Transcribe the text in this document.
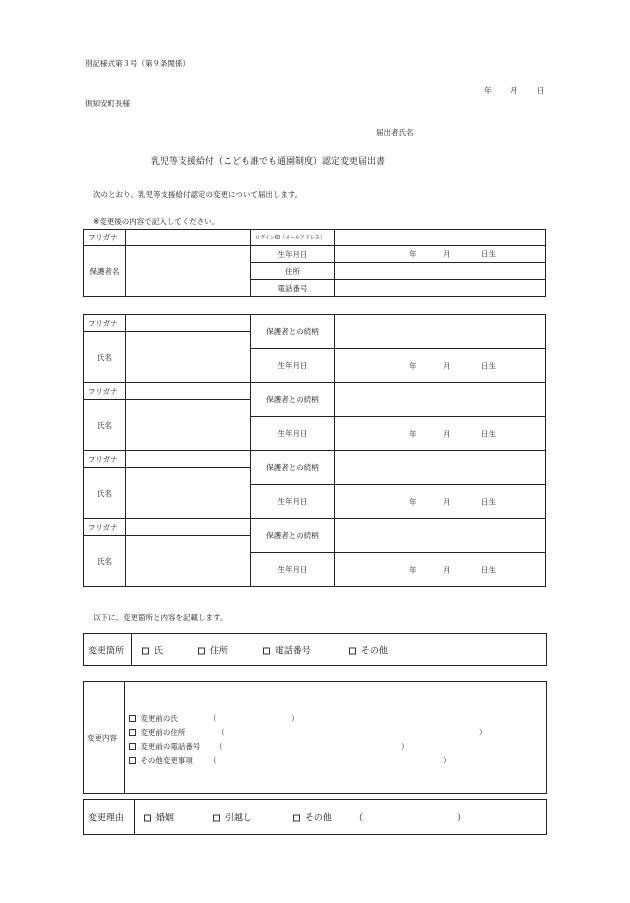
別記様式第３号（第９条関係）
年 月	日
倶知安町長様
届出者氏名
乳児等支援給付（こども誰でも通園制度）認定変更届出書
次のとおり、乳児等支援給付認定の変更について届出します。
※変更後の内容で記入してください。
フリガナ		ログインID（メールアドレス）	
保護者名		生年月日	年 月 日生

		住所	
		電話番号	
フリガナ		保護者との続柄	
氏名			
		生年月日	年 月 日生

フリガナ		保護者との続柄	
氏名			
		生年月日	年 月 日生

フリガナ		保護者との続柄	
氏名			
		生年月日	年 月 日生

フリガナ		保護者との続柄	
氏名			
		生年月日	年 月 日生

以下に、変更箇所と内容を記載します。
変更箇所	氏	住所	電話番号	その他
変更内容
変更前の氏	（	）
変更前の住所	（	）
変更前の電話番号 （	）
その他変更事項 （	）
変更理由	婚姻	引越し	その他 （	）
